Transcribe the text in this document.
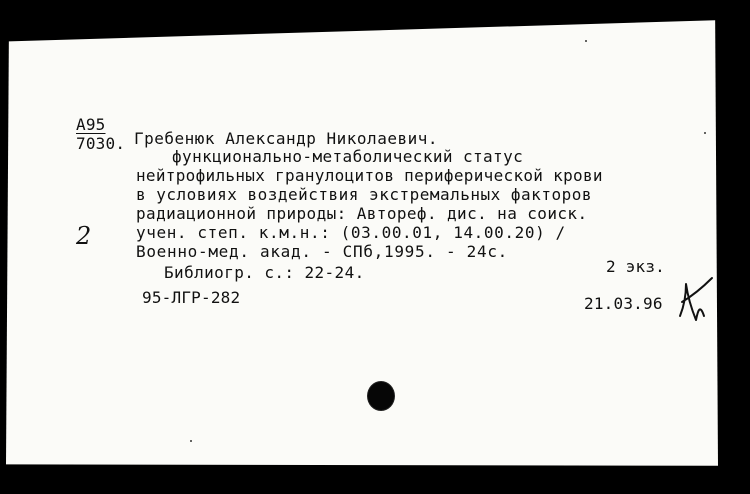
А95
7030. Гребенюк Александр Николаевич.
функционально-метаболический статус
нейтрофильных гранулоцитов периферической крови
в условиях воздействия экстремальных факторов
радиационной природы: Автореф. дис. на соиск.
учен. степ. к.м.н.: (03.00.01, 14.00.20) /
Военно-мед. акад. - СПб,1995. - 24с.
2 экз.
Библиогр. с.: 22-24.
95-ЛГР-282	21.03.96
2
